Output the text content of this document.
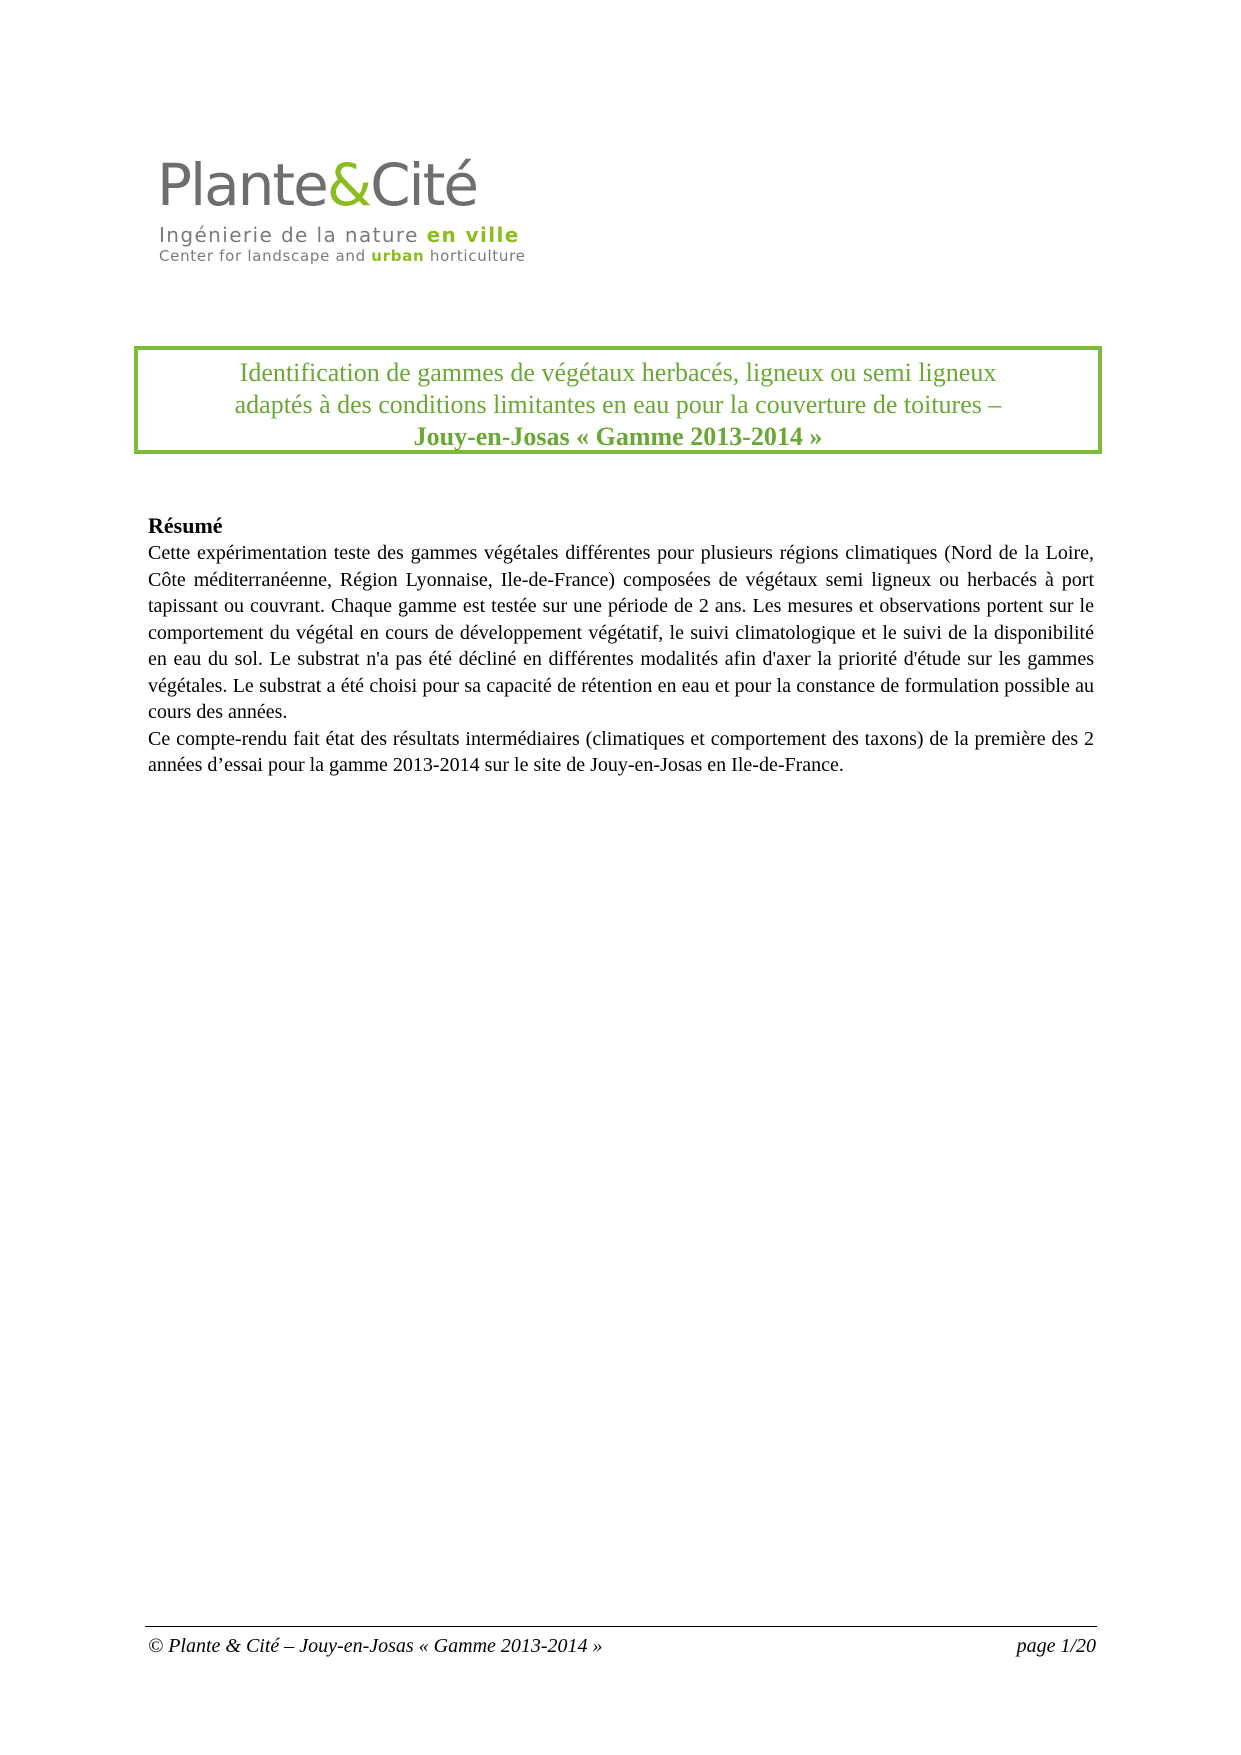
Plante&Cité
Ingénierie de la nature en ville
Center for landscape and urban horticulture
Identification de gammes de végétaux herbacés, ligneux ou semi ligneux
adaptés à des conditions limitantes en eau pour la couverture de toitures –
Jouy-en-Josas « Gamme 2013-2014 »
Résumé

Cette expérimentation teste des gammes végétales différentes pour plusieurs régions climatiques (Nord de la Loire, Côte méditerranéenne, Région Lyonnaise, Ile-de-France) composées de végétaux semi ligneux ou herbacés à port tapissant ou couvrant. Chaque gamme est testée sur une période de 2 ans. Les mesures et observations portent sur le comportement du végétal en cours de développement végétatif, le suivi climatologique et le suivi de la disponibilité en eau du sol. Le substrat n'a pas été décliné en différentes modalités afin d'axer la priorité d'étude sur les gammes végétales. Le substrat a été choisi pour sa capacité de rétention en eau et pour la constance de formulation possible au cours des années.

Ce compte-rendu fait état des résultats intermédiaires (climatiques et comportement des taxons) de la première des 2 années d’essai pour la gamme 2013-2014 sur le site de Jouy-en-Josas en Ile-de-France.

© Plante & Cité – Jouy-en-Josas « Gamme 2013-2014 »	page 1/20
